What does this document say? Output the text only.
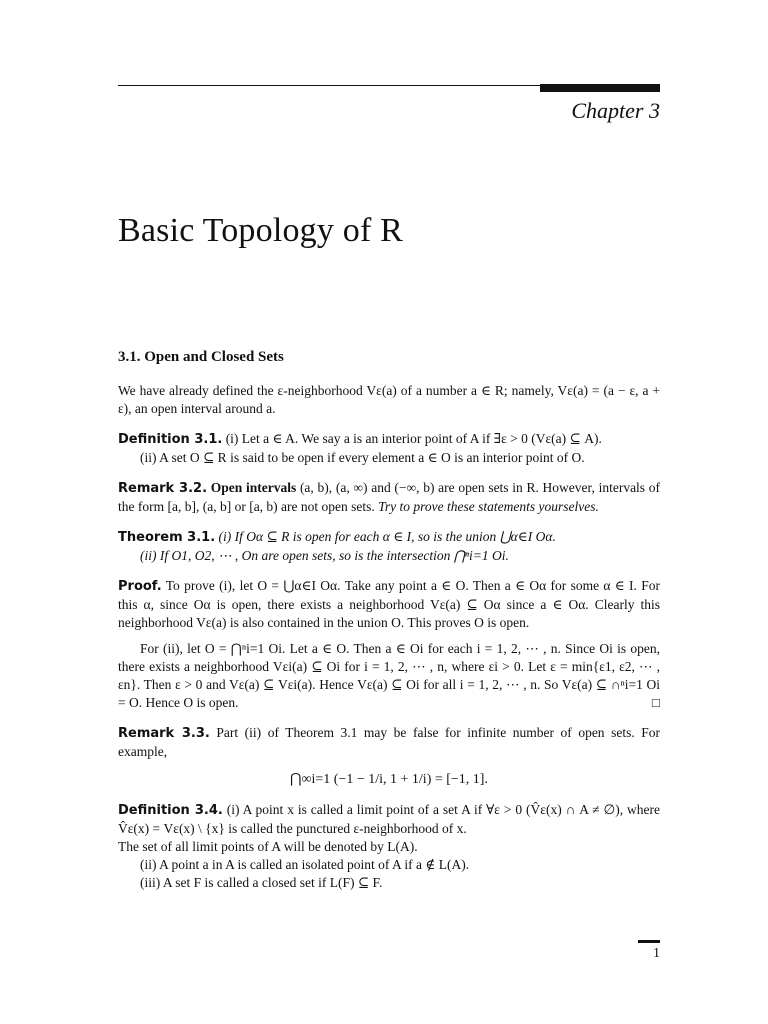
Chapter 3
Basic Topology of R
3.1. Open and Closed Sets

We have already defined the ε-neighborhood Vε(a) of a number a ∈ R; namely, Vε(a) = (a − ε, a + ε), an open interval around a.

Definition 3.1. (i) Let a ∈ A. We say a is an interior point of A if ∃ε > 0 (Vε(a) ⊆ A).

(ii) A set O ⊆ R is said to be open if every element a ∈ O is an interior point of O.

Remark 3.2. Open intervals (a, b), (a, ∞) and (−∞, b) are open sets in R. However, intervals of the form [a, b], (a, b] or [a, b) are not open sets. Try to prove these statements yourselves.

Theorem 3.1. (i) If Oα ⊆ R is open for each α ∈ I, so is the union ⋃α∈I Oα.

(ii) If O1, O2, ⋯ , On are open sets, so is the intersection ⋂ⁿi=1 Oi.

Proof. To prove (i), let O = ⋃α∈I Oα. Take any point a ∈ O. Then a ∈ Oα for some α ∈ I. For this α, since Oα is open, there exists a neighborhood Vε(a) ⊆ Oα since a ∈ Oα. Clearly this neighborhood Vε(a) is also contained in the union O. This proves O is open.

For (ii), let O = ⋂ⁿi=1 Oi. Let a ∈ O. Then a ∈ Oi for each i = 1, 2, ⋯ , n. Since Oi is open, there exists a neighborhood Vεi(a) ⊆ Oi for i = 1, 2, ⋯ , n, where εi > 0. Let ε = min{ε1, ε2, ⋯ , εn}. Then ε > 0 and Vε(a) ⊆ Vεi(a). Hence Vε(a) ⊆ Oi for all i = 1, 2, ⋯ , n. So Vε(a) ⊆ ∩ⁿi=1 Oi = O. Hence O is open.	□

Remark 3.3. Part (ii) of Theorem 3.1 may be false for infinite number of open sets. For example,

⋂∞i=1 (−1 − 1/i, 1 + 1/i) = [−1, 1].

Definition 3.4. (i) A point x is called a limit point of a set A if ∀ε > 0 (V̂ε(x) ∩ A ≠ ∅), where V̂ε(x) = Vε(x) \ {x} is called the punctured ε-neighborhood of x.

The set of all limit points of A will be denoted by L(A).

(ii) A point a in A is called an isolated point of A if a ∉ L(A).

(iii) A set F is called a closed set if L(F) ⊆ F.

1
